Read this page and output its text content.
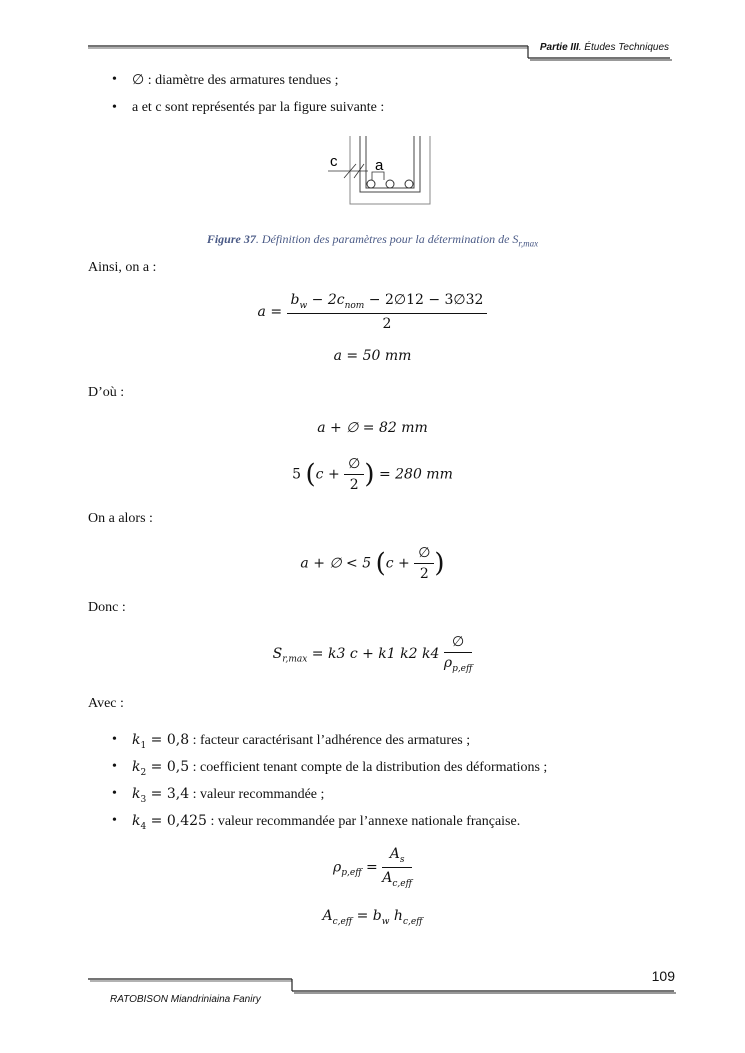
Partie III. Études Techniques
• ∅ : diamètre des armatures tendues ;
• a et c sont représentés par la figure suivante :
c	a
Figure 37. Définition des paramètres pour la détermination de $S_{r,max}$
Ainsi, on a :
$a = \frac{b_w - 2c_{nom} - 2\emptyset 12 - 3\emptyset 32}{2}$
a = 50 mm
D’où :
a + ∅ = 82 mm
5 ($c + \frac{\emptyset}{2}$ ) = 280 mm
On a alors :
a + ∅ < 5 ($c + \frac{\emptyset}{2}$ )
Donc :
$S_{r,max} = k3$ c + k1 k2 $k4 \frac{\emptyset}{\rho_{p,eff}}$
Avec :
• $k_1 = 0,8$ : facteur caractérisant l’adhérence des armatures ;
• $k_2 = 0,5$ : coefficient tenant compte de la distribution des déformations ;
• $k_3 = 3,4$ : valeur recommandée ;
• $k_4 = 0,425$ : valeur recommandée par l’annexe nationale française.
$\rho_{p,eff} = \frac{A_s}{A_{c,eff}}$
$A_{c,eff} = b_w$ $h_{c,eff}$
109
RATOBISON Miandriniaina Faniry
